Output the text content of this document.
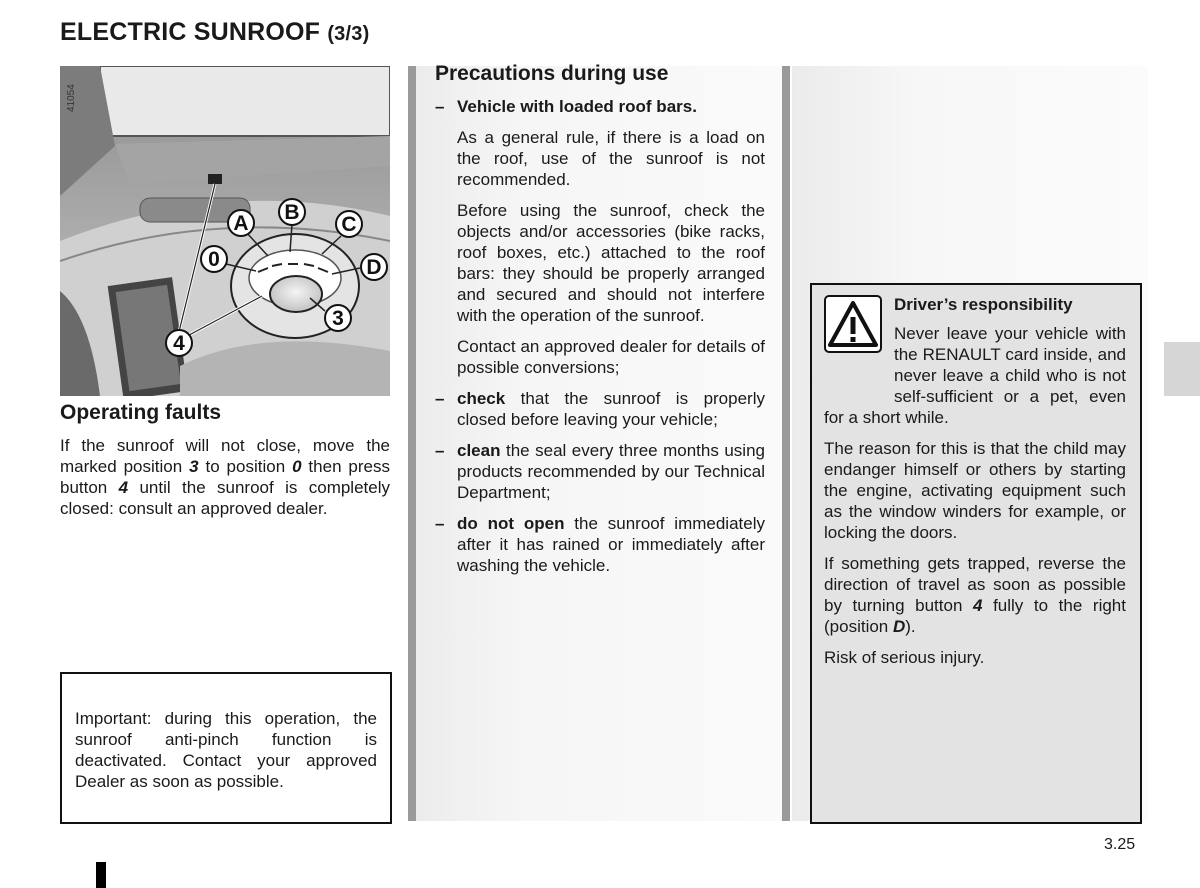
ELECTRIC SUNROOF (3/3)
A B
C
0	D
3
4
41054
Operating faults
If the sunroof will not close, move the marked position 3 to position 0 then press button 4 until the sunroof is completely closed: consult an approved dealer.
Important: during this operation, the sunroof anti-pinch function is deactivated. Contact your approved Dealer as soon as possible.
Precautions during use
– Vehicle with loaded roof bars.
As a general rule, if there is a load on the roof, use of the sunroof is not recommended.
Before using the sunroof, check the objects and/or accessories (bike racks, roof boxes, etc.) attached to the roof bars: they should be properly arranged and secured and should not interfere with the operation of the sunroof.
Contact an approved dealer for details of possible conversions;
– check that the sunroof is properly closed before leaving your vehicle;
– clean the seal every three months using products recommended by our Technical Department;
– do not open the sunroof immediately after it has rained or immediately after washing the vehicle.
Driver’s responsibility

Never leave your vehicle with the RENAULT card inside, and never leave a child who is not self-sufficient or a pet, even for a short while.

The reason for this is that the child may endanger himself or others by starting the engine, activating equipment such as the window winders for example, or locking the doors.

If something gets trapped, reverse the direction of travel as soon as possible by turning button 4 fully to the right (position D).

Risk of serious injury.

3.25
